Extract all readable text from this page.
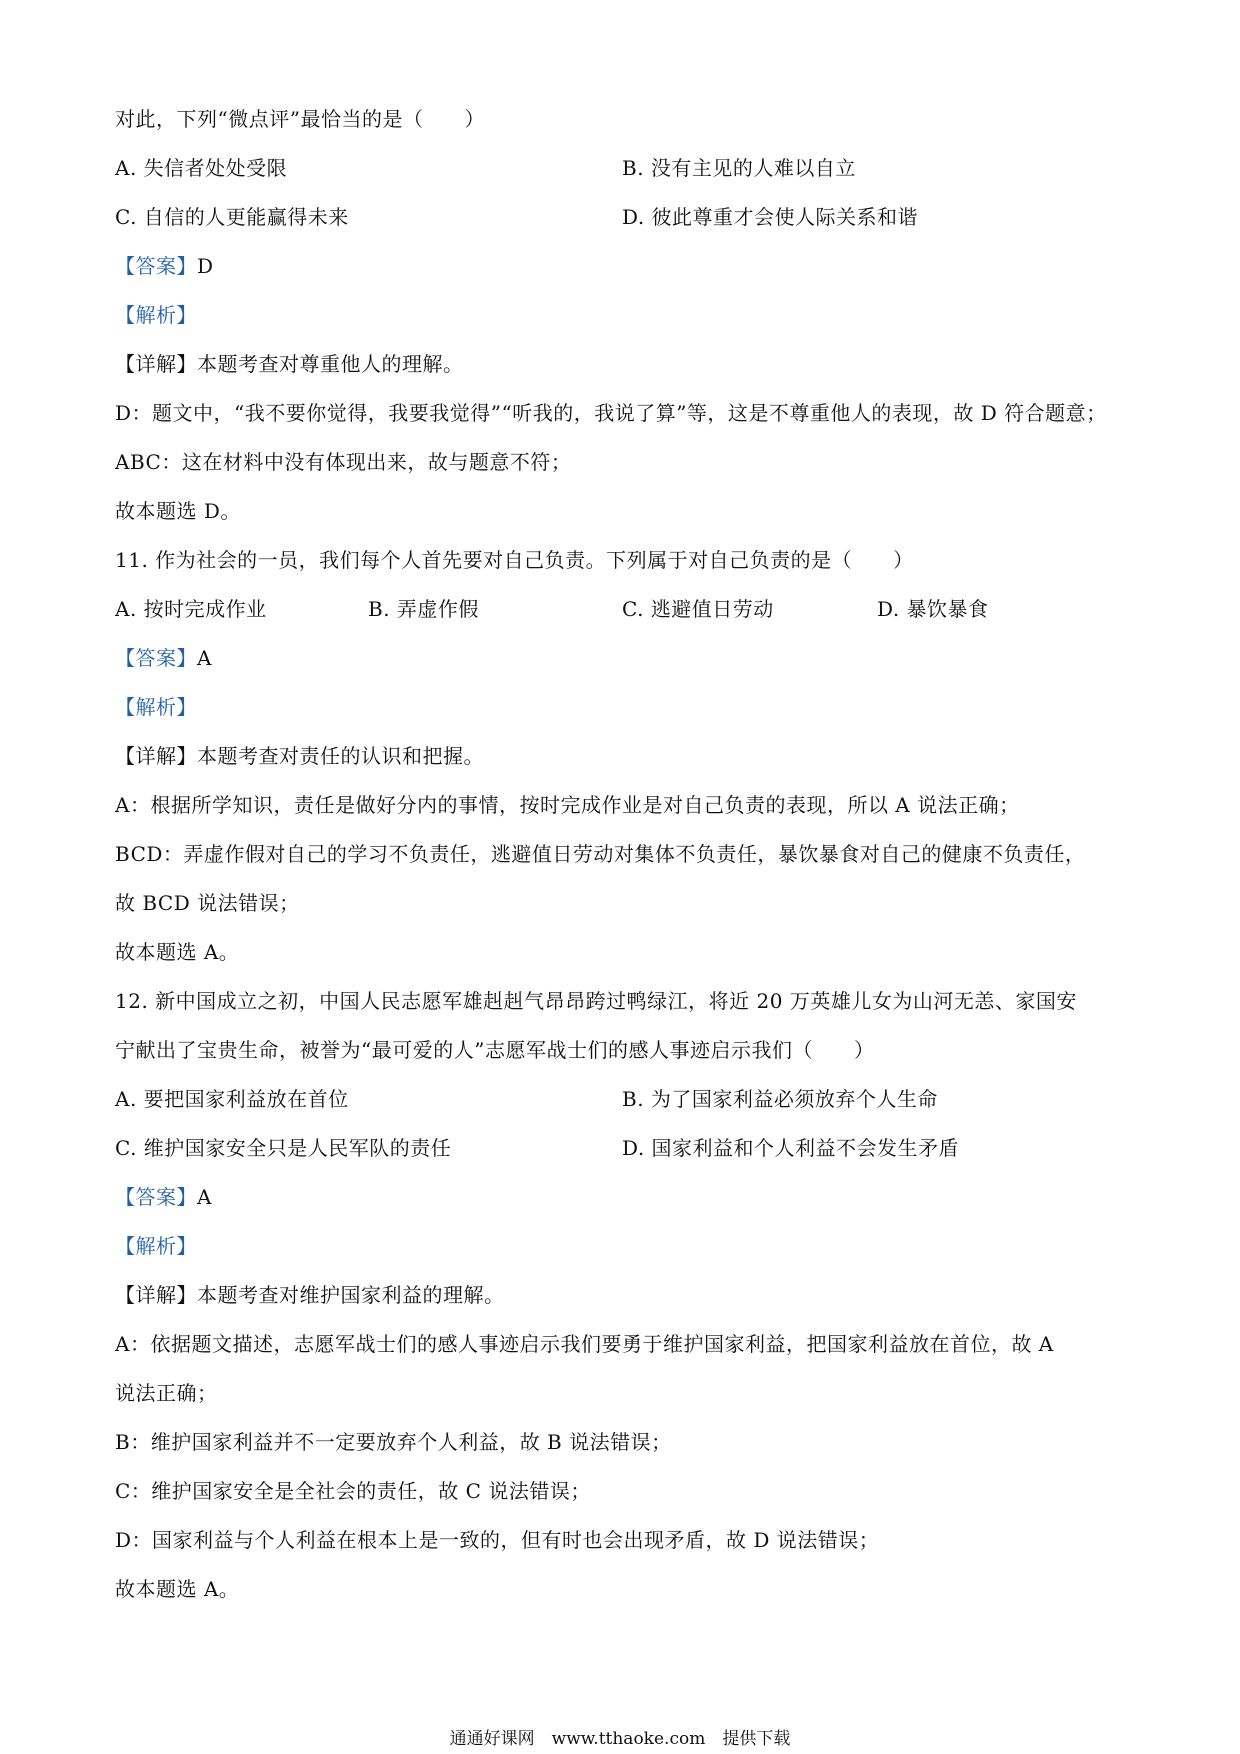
对此，下列“微点评”最恰当的是（　　）
A. 失信者处处受限	B. 没有主见的人难以自立
C. 自信的人更能赢得未来	D. 彼此尊重才会使人际关系和谐
【答案】D
【解析】
【详解】本题考查对尊重他人的理解。
D：题文中，“我不要你觉得，我要我觉得”“听我的，我说了算”等，这是不尊重他人的表现，故 D 符合题意；
ABC：这在材料中没有体现出来，故与题意不符；
故本题选 D。
11. 作为社会的一员，我们每个人首先要对自己负责。下列属于对自己负责的是（　　）
A. 按时完成作业	B. 弄虚作假	C. 逃避值日劳动	D. 暴饮暴食
【答案】A
【解析】
【详解】本题考查对责任的认识和把握。
A：根据所学知识，责任是做好分内的事情，按时完成作业是对自己负责的表现，所以 A 说法正确；
BCD：弄虚作假对自己的学习不负责任，逃避值日劳动对集体不负责任，暴饮暴食对自己的健康不负责任，
故 BCD 说法错误；
故本题选 A。
12. 新中国成立之初，中国人民志愿军雄赳赳气昂昂跨过鸭绿江，将近 20 万英雄儿女为山河无恙、家国安
宁献出了宝贵生命，被誉为“最可爱的人”志愿军战士们的感人事迹启示我们（　　）
A. 要把国家利益放在首位	B. 为了国家利益必须放弃个人生命
C. 维护国家安全只是人民军队的责任	D. 国家利益和个人利益不会发生矛盾
【答案】A
【解析】
【详解】本题考查对维护国家利益的理解。
A：依据题文描述，志愿军战士们的感人事迹启示我们要勇于维护国家利益，把国家利益放在首位，故 A
说法正确；
B：维护国家利益并不一定要放弃个人利益，故 B 说法错误；
C：维护国家安全是全社会的责任，故 C 说法错误；
D：国家利益与个人利益在根本上是一致的，但有时也会出现矛盾，故 D 说法错误；
故本题选 A。
通通好课网　www.tthaoke.com　提供下载
